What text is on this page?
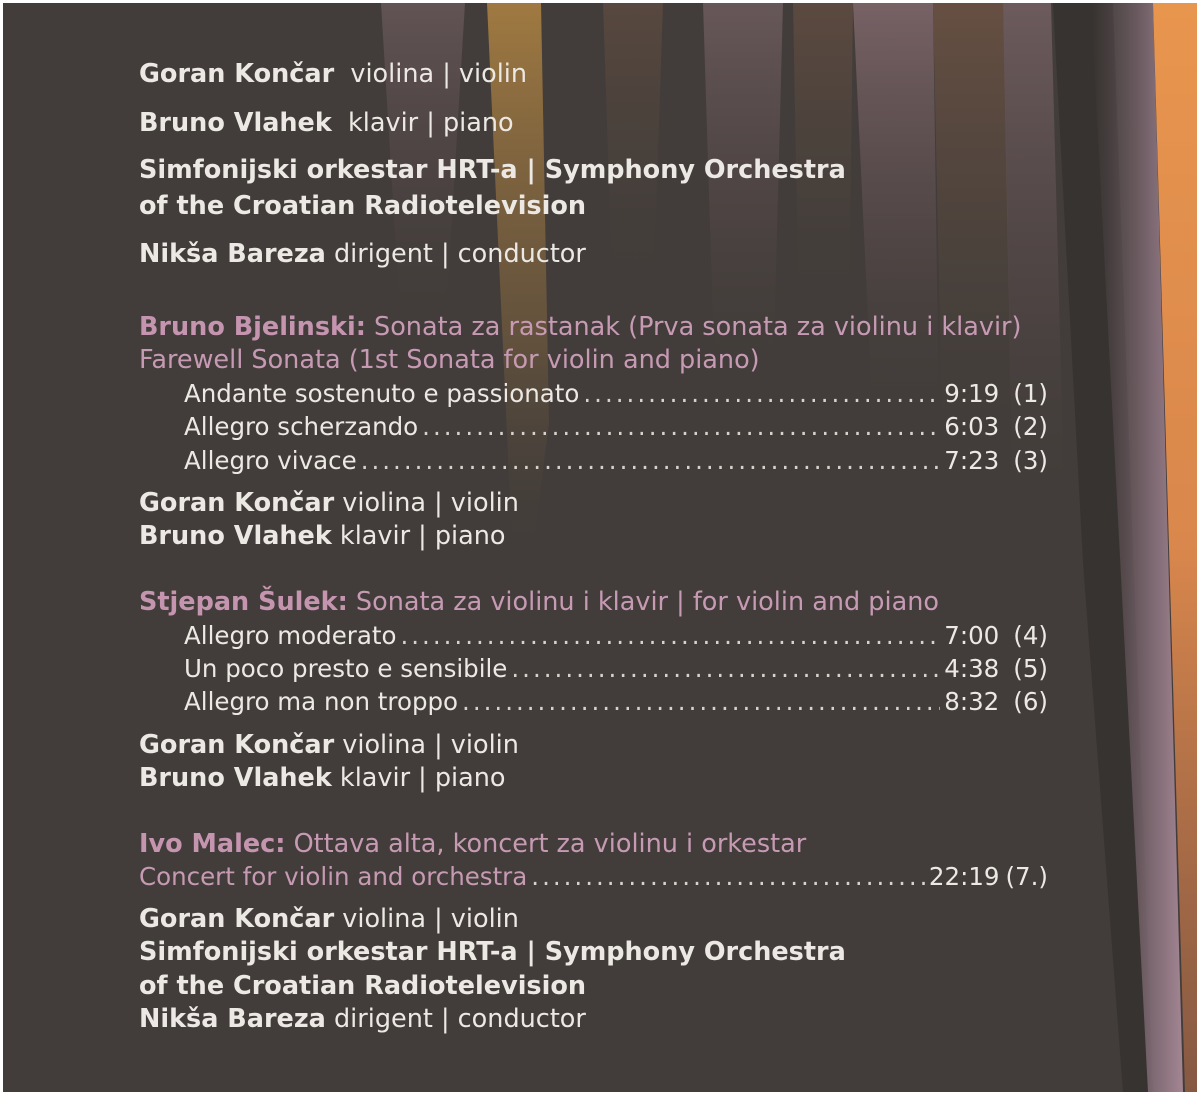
Goran Končar violina | violin
Bruno Vlahek klavir | piano
Simfonijski orkestar HRT-a | Symphony Orchestra
of the Croatian Radiotelevision
Nikša Bareza dirigent | conductor
Bruno Bjelinski: Sonata za rastanak (Prva sonata za violinu i klavir)
Farewell Sonata (1st Sonata for violin and piano)
Andante sostenuto e passionato .....	9:19 (1)
Allegro scherzando .....	6:03 (2)
Allegro vivace .....	7:23 (3)
Goran Končar violina | violin
Bruno Vlahek klavir | piano
Stjepan Šulek: Sonata za violinu i klavir | for violin and piano
Allegro moderato .....	7:00 (4)
Un poco presto e sensibile .....	4:38 (5)
Allegro ma non troppo .....	8:32 (6)
Goran Končar violina | violin
Bruno Vlahek klavir | piano
Ivo Malec: Ottava alta, koncert za violinu i orkestar
Concert for violin and orchestra .....	22:19 (7.)
Goran Končar violina | violin
Simfonijski orkestar HRT-a | Symphony Orchestra
of the Croatian Radiotelevision
Nikša Bareza dirigent | conductor
